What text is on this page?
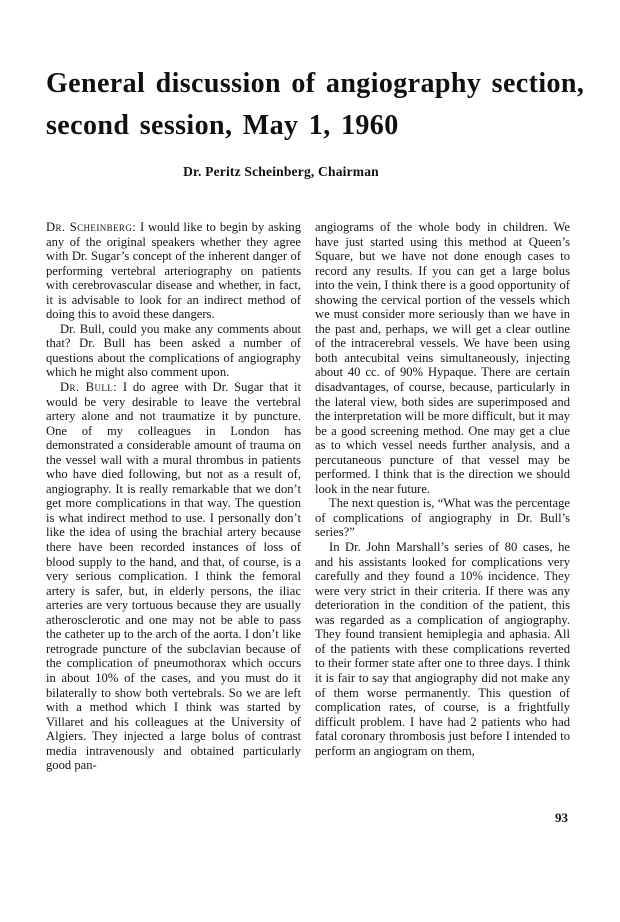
General discussion of angiography section,
second session, May 1, 1960
Dr. Peritz Scheinberg, Chairman

Dr. Scheinberg: I would like to begin by asking any of the original speakers whether they agree with Dr. Sugar’s concept of the inherent danger of performing vertebral arteriography on patients with cerebrovascular disease and whether, in fact, it is advisable to look for an indirect method of doing this to avoid these dangers.

Dr. Bull, could you make any comments about that? Dr. Bull has been asked a number of questions about the complications of angiography which he might also comment upon.

Dr. Bull: I do agree with Dr. Sugar that it would be very desirable to leave the vertebral artery alone and not traumatize it by puncture. One of my colleagues in London has demonstrated a considerable amount of trauma on the vessel wall with a mural thrombus in patients who have died following, but not as a result of, angiography. It is really remarkable that we don’t get more complications in that way. The question is what indirect method to use. I personally don’t like the idea of using the brachial artery because there have been recorded instances of loss of blood supply to the hand, and that, of course, is a very serious complication. I think the femoral artery is safer, but, in elderly persons, the iliac arteries are very tortuous because they are usually atherosclerotic and one may not be able to pass the catheter up to the arch of the aorta. I don’t like retrograde puncture of the subclavian because of the complication of pneumothorax which occurs in about 10% of the cases, and you must do it bilaterally to show both vertebrals. So we are left with a method which I think was started by Villaret and his colleagues at the University of Algiers. They injected a large bolus of contrast media intravenously and obtained particularly good pan-

angiograms of the whole body in children. We have just started using this method at Queen’s Square, but we have not done enough cases to record any results. If you can get a large bolus into the vein, I think there is a good opportunity of showing the cervical portion of the vessels which we must consider more seriously than we have in the past and, perhaps, we will get a clear outline of the intracerebral vessels. We have been using both antecubital veins simultaneously, injecting about 40 cc. of 90% Hypaque. There are certain disadvantages, of course, because, particularly in the lateral view, both sides are superimposed and the interpretation will be more difficult, but it may be a good screening method. One may get a clue as to which vessel needs further analysis, and a percutaneous puncture of that vessel may be performed. I think that is the direction we should look in the near future.

The next question is, “What was the percentage of complications of angiography in Dr. Bull’s series?”

In Dr. John Marshall’s series of 80 cases, he and his assistants looked for complications very carefully and they found a 10% incidence. They were very strict in their criteria. If there was any deterioration in the condition of the patient, this was regarded as a complication of angiography. They found transient hemiplegia and aphasia. All of the patients with these complications reverted to their former state after one to three days. I think it is fair to say that angiography did not make any of them worse permanently. This question of complication rates, of course, is a frightfully difficult problem. I have had 2 patients who had fatal coronary thrombosis just before I intended to perform an angiogram on them,

93
